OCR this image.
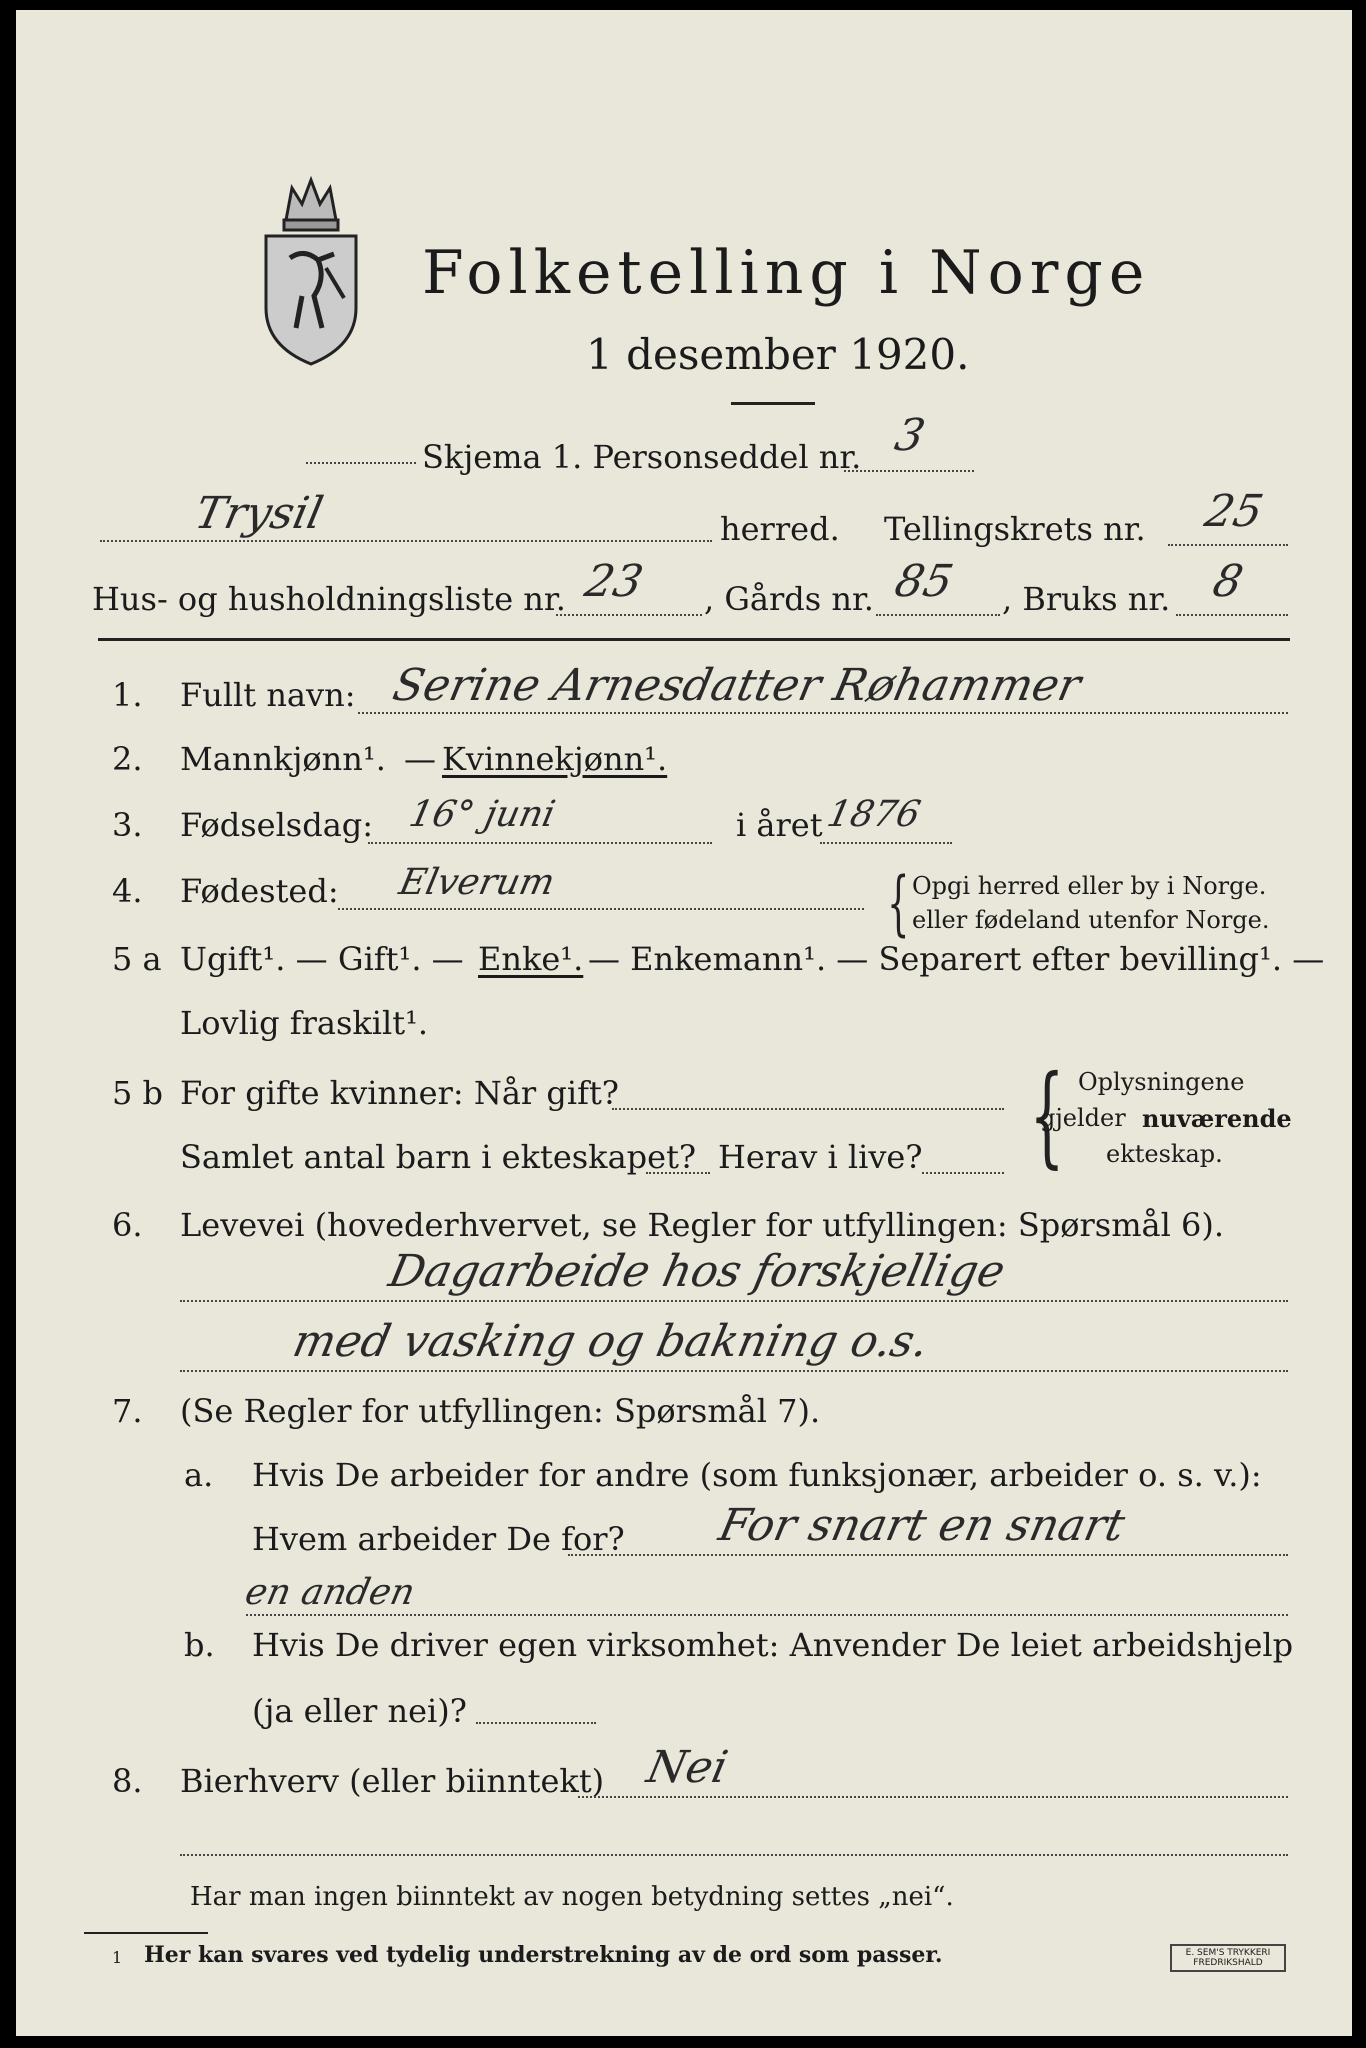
Folketelling i Norge
1 desember 1920.
Skjema 1. Personseddel nr. 3
Trysil	herred. Tellingskrets nr. 25
Hus- og husholdningsliste nr. 23 , Gårds nr. 85 , Bruks nr. 8
1. Fullt navn: Serine Arnesdatter Røhammer
2. Mannkjønn¹. — Kvinnekjønn¹.
3. Fødselsdag: 16° juni	i året 1876
4. Fødested: Elverum	{ Opgi herred eller by i Norge.
eller fødeland utenfor Norge.
5 a Ugift¹. — Gift¹. — Enke¹. — Enkemann¹. — Separert efter bevilling¹. —
Lovlig fraskilt¹.
5 b For gifte kvinner: Når gift?
Samlet antal barn i ekteskapet? Herav i live? { Oplysningene
gjelder nuværende
ekteskap.
6. Levevei (hovederhvervet, se Regler for utfyllingen: Spørsmål 6).
Dagarbeide hos forskjellige
med vasking og bakning o.s.
7. (Se Regler for utfyllingen: Spørsmål 7).
a. Hvis De arbeider for andre (som funksjonær, arbeider o. s. v.):
Hvem arbeider De for? For snart en snart
en anden
b. Hvis De driver egen virksomhet: Anvender De leiet arbeidshjelp
(ja eller nei)?
8. Bierhverv (eller biinntekt) Nei
Har man ingen biinntekt av nogen betydning settes „nei“.
1 Her kan svares ved tydelig understrekning av de ord som passer.	E. SEM'S TRYKKERI
FREDRIKSHALD
